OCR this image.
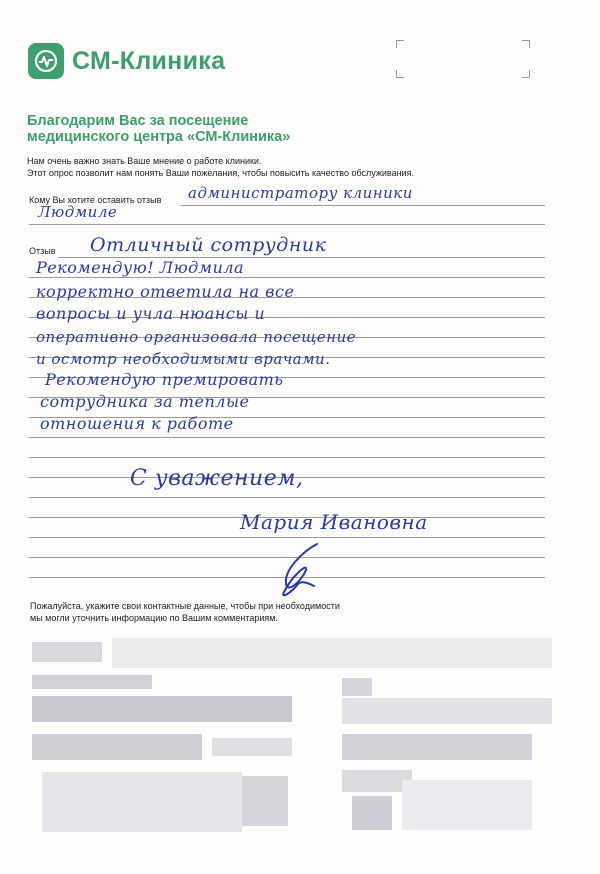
СМ-Клиника
Благодарим Вас за посещение
медицинского центра «СМ-Клиника»
Нам очень важно знать Ваше мнение о работе клиники.
Этот опрос позволит нам понять Ваши пожелания, чтобы повысить качество обслуживания.
Кому Вы хотите оставить отзыв администратору клиники
Людмиле
Отзыв Отличный сотрудник
Рекомендую! Людмила
корректно ответила на все
вопросы и учла нюансы и
оперативно организовала посещение
и осмотр необходимыми врачами.
Рекомендую премировать
сотрудника за теплые
отношения к работе
С уважением,
Мария Ивановна
Пожалуйста, укажите свои контактные данные, чтобы при необходимости
мы могли уточнить информацию по Вашим комментариям.
